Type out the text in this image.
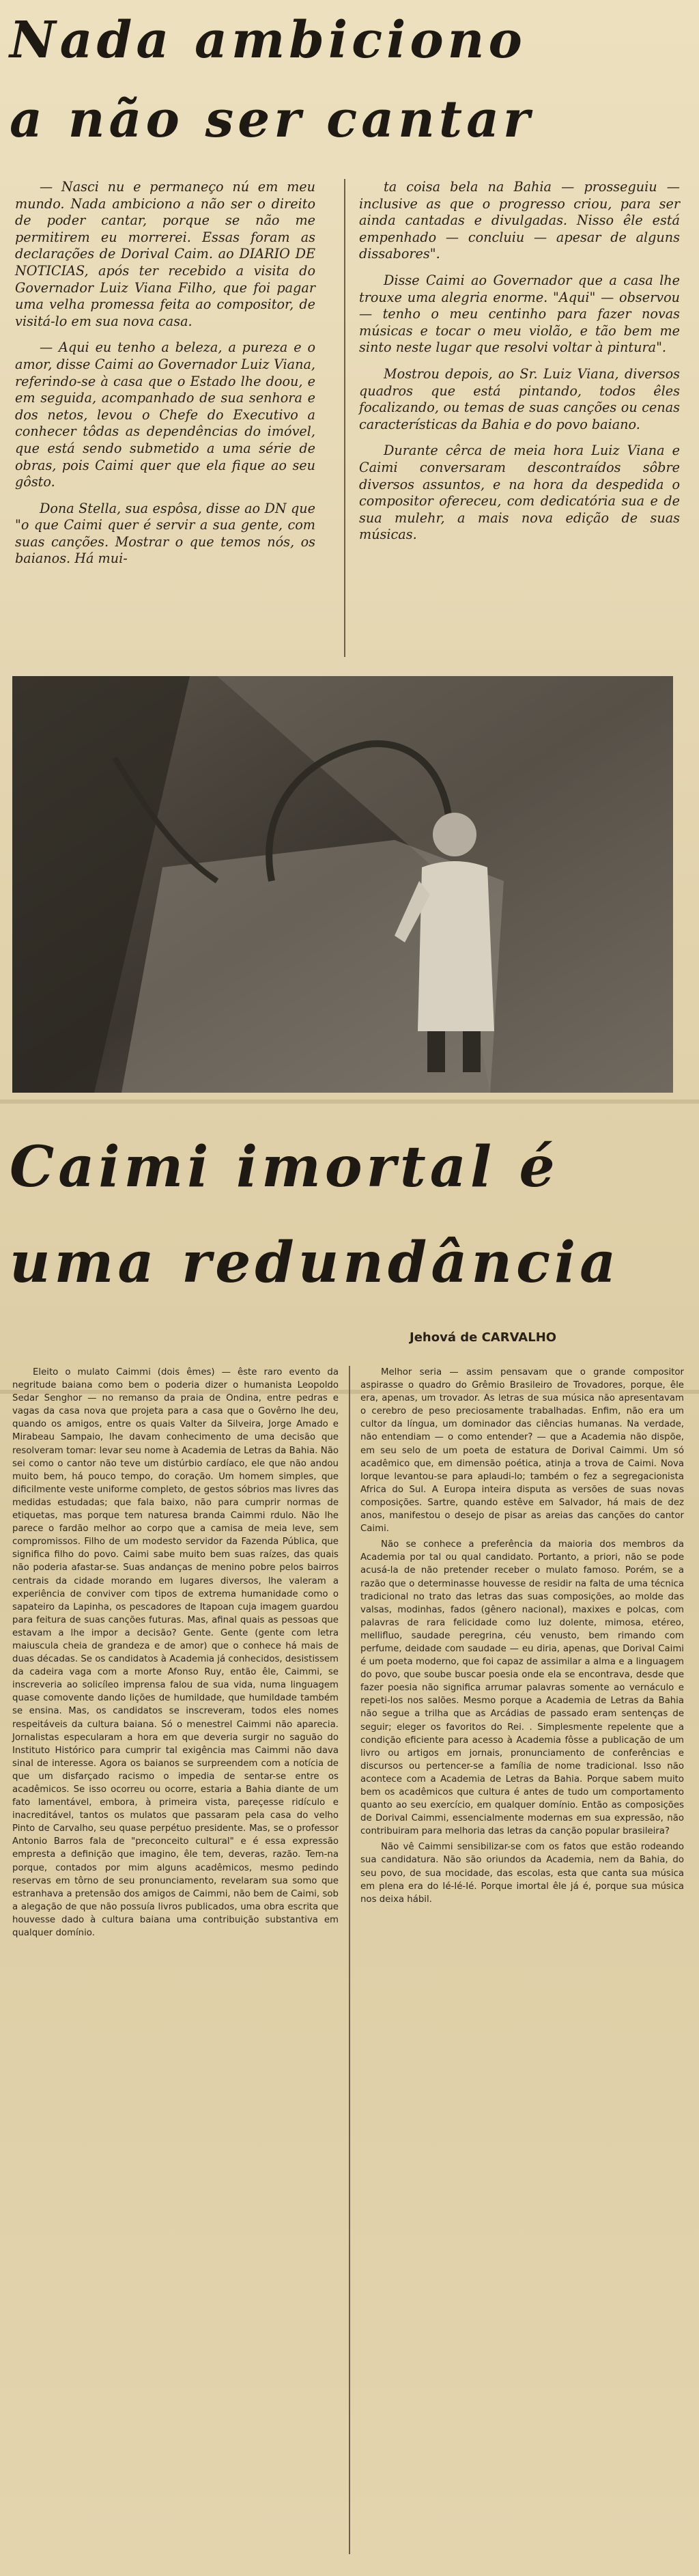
Nada ambiciono
a não ser cantar

— Nasci nu e permaneço nú em meu mundo. Nada ambiciono a não ser o direito de poder cantar, porque se não me permitirem eu morrerei. Essas foram as declarações de Dorival Caim. ao DIARIO DE NOTICIAS, após ter recebido a visita do Governador Luiz Viana Filho, que foi pagar uma velha promessa feita ao compositor, de visitá-lo em sua nova casa.

— Aqui eu tenho a beleza, a pureza e o amor, disse Caimi ao Governador Luiz Viana, referindo-se à casa que o Estado lhe doou, e em seguida, acompanhado de sua senhora e dos netos, levou o Chefe do Executivo a conhecer tôdas as dependências do imóvel, que está sendo submetido a uma série de obras, pois Caimi quer que ela fique ao seu gôsto.

Dona Stella, sua espôsa, disse ao DN que "o que Caimi quer é servir a sua gente, com suas canções. Mostrar o que temos nós, os baianos. Há mui-

ta coisa bela na Bahia — prosseguiu — inclusive as que o progresso criou, para ser ainda cantadas e divulgadas. Nisso êle está empenhado — concluiu — apesar de alguns dissabores".

Disse Caimi ao Governador que a casa lhe trouxe uma alegria enorme. "Aqui" — observou — tenho o meu centinho para fazer novas músicas e tocar o meu violão, e tão bem me sinto neste lugar que resolvi voltar à pintura".

Mostrou depois, ao Sr. Luiz Viana, diversos quadros que está pintando, todos êles focalizando, ou temas de suas canções ou cenas características da Bahia e do povo baiano.

Durante cêrca de meia hora Luiz Viana e Caimi conversaram descontraídos sôbre diversos assuntos, e na hora da despedida o compositor ofereceu, com dedicatória sua e de sua mulehr, a mais nova edição de suas músicas.

Caimi imortal é
uma redundância
Jehová de CARVALHO

Eleito o mulato Caimmi (dois êmes) — êste raro evento da negritude baiana como bem o poderia dizer o humanista Leopoldo Sedar Senghor — no remanso da praia de Ondina, entre pedras e vagas da casa nova que projeta para a casa que o Govêrno lhe deu, quando os amigos, entre os quais Valter da Silveira, Jorge Amado e Mirabeau Sampaio, lhe davam conhecimento de uma decisão que resolveram tomar: levar seu nome à Academia de Letras da Bahia. Não sei como o cantor não teve um distúrbio cardíaco, ele que não andou muito bem, há pouco tempo, do coração. Um homem simples, que dificilmente veste uniforme completo, de gestos sóbrios mas livres das medidas estudadas; que fala baixo, não para cumprir normas de etiquetas, mas porque tem naturesa branda Caimmi rdulo. Não lhe parece o fardão melhor ao corpo que a camisa de meia leve, sem compromissos. Filho de um modesto servidor da Fazenda Pública, que significa filho do povo. Caimi sabe muito bem suas raízes, das quais não poderia afastar-se. Suas andanças de menino pobre pelos bairros centrais da cidade morando em lugares diversos, lhe valeram a experiência de conviver com tipos de extrema humanidade como o sapateiro da Lapinha, os pescadores de Itapoan cuja imagem guardou para feitura de suas canções futuras. Mas, afinal quais as pessoas que estavam a lhe impor a decisão? Gente. Gente (gente com letra maiuscula cheia de grandeza e de amor) que o conhece há mais de duas décadas. Se os candidatos à Academia já conhecidos, desistissem da cadeira vaga com a morte Afonso Ruy, então êle, Caimmi, se inscreveria ao solicíleo imprensa falou de sua vida, numa linguagem quase comovente dando lições de humildade, que humildade também se ensina. Mas, os candidatos se inscreveram, todos eles nomes respeitáveis da cultura baiana. Só o menestrel Caimmi não aparecia. Jornalistas especularam a hora em que deveria surgir no saguão do Instituto Histórico para cumprir tal exigência mas Caimmi não dava sinal de interesse. Agora os baianos se surpreendem com a notícia de que um disfarçado racismo o impedia de sentar-se entre os acadêmicos. Se isso ocorreu ou ocorre, estaria a Bahia diante de um fato lamentável, embora, à primeira vista, pareçesse ridículo e inacreditável, tantos os mulatos que passaram pela casa do velho Pinto de Carvalho, seu quase perpétuo presidente. Mas, se o professor Antonio Barros fala de "preconceito cultural" e é essa expressão empresta a definição que imagino, êle tem, deveras, razão. Tem-na porque, contados por mim alguns acadêmicos, mesmo pedindo reservas em tôrno de seu pronunciamento, revelaram sua somo que estranhava a pretensão dos amigos de Caimmi, não bem de Caimi, sob a alegação de que não possuía livros publicados, uma obra escrita que houvesse dado à cultura baiana uma contribuição substantiva em qualquer domínio.

Melhor seria — assim pensavam que o grande compositor aspirasse o quadro do Grêmio Brasileiro de Trovadores, porque, êle era, apenas, um trovador. As letras de sua música não apresentavam o cerebro de peso preciosamente trabalhadas. Enfim, não era um cultor da língua, um dominador das ciências humanas. Na verdade, não entendiam — o como entender? — que a Academia não dispõe, em seu selo de um poeta de estatura de Dorival Caimmi. Um só acadêmico que, em dimensão poética, atinja a trova de Caimi. Nova Iorque levantou-se para aplaudi-lo; também o fez a segregacionista Africa do Sul. A Europa inteira disputa as versões de suas novas composições. Sartre, quando estêve em Salvador, há mais de dez anos, manifestou o desejo de pisar as areias das canções do cantor Caimi.

Não se conhece a preferência da maioria dos membros da Academia por tal ou qual candidato. Portanto, a priori, não se pode acusá-la de não pretender receber o mulato famoso. Porém, se a razão que o determinasse houvesse de residir na falta de uma técnica tradicional no trato das letras das suas composições, ao molde das valsas, modinhas, fados (gênero nacional), maxixes e polcas, com palavras de rara felicidade como luz dolente, mimosa, etéreo, mellifluo, saudade peregrina, céu venusto, bem rimando com perfume, deidade com saudade — eu diria, apenas, que Dorival Caimi é um poeta moderno, que foi capaz de assimilar a alma e a linguagem do povo, que soube buscar poesia onde ela se encontrava, desde que fazer poesia não significa arrumar palavras somente ao vernáculo e repeti-los nos salões. Mesmo porque a Academia de Letras da Bahia não segue a trilha que as Arcádias de passado eram sentenças de seguir; eleger os favoritos do Rei. . Simplesmente repelente que a condição eficiente para acesso à Academia fôsse a publicação de um livro ou artigos em jornais, pronunciamento de conferências e discursos ou pertencer-se a família de nome tradicional. Isso não acontece com a Academia de Letras da Bahia. Porque sabem muito bem os acadêmicos que cultura é antes de tudo um comportamento quanto ao seu exercício, em qualquer domínio. Então as composições de Dorival Caimmi, essencialmente modernas em sua expressão, não contribuiram para melhoria das letras da canção popular brasileira?

Não vê Caimmi sensibilizar-se com os fatos que estão rodeando sua candidatura. Não são oriundos da Academia, nem da Bahia, do seu povo, de sua mocidade, das escolas, esta que canta sua música em plena era do Ié-Ié-Ié. Porque imortal êle já é, porque sua música nos deixa hábil.
